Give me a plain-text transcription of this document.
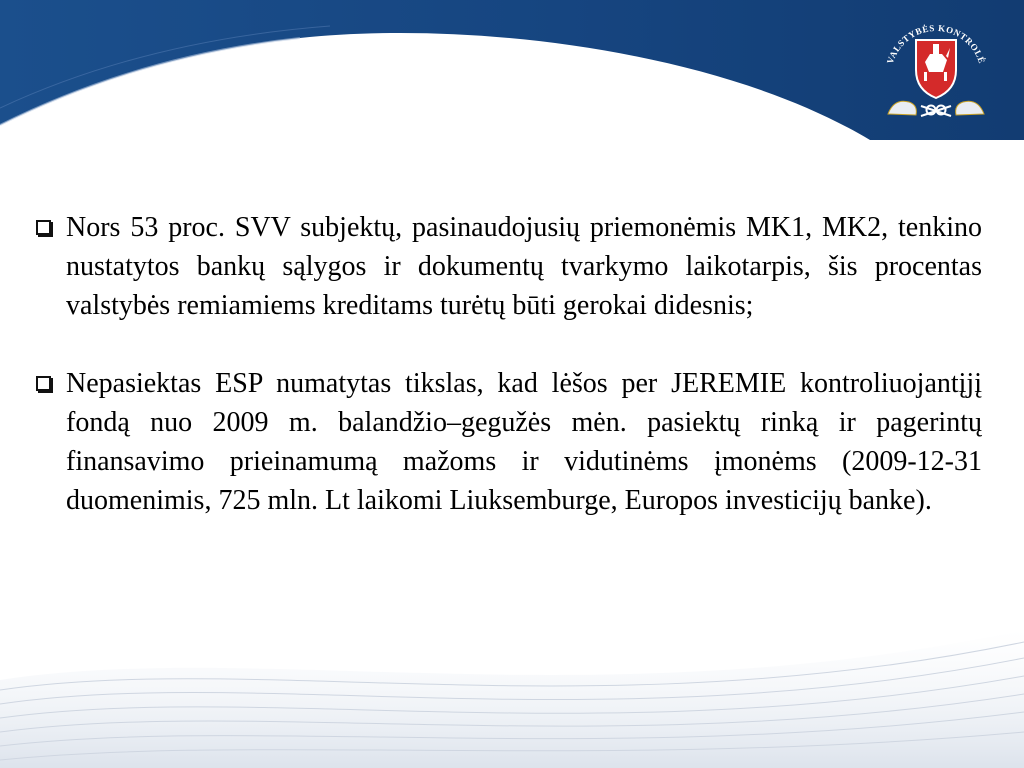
VALSTYBĖS KONTROLĖ
Nors 53 proc. SVV subjektų, pasinaudojusių priemonėmis MK1, MK2, tenkino nustatytos bankų sąlygos ir dokumentų tvarkymo laikotarpis, šis procentas valstybės remiamiems kreditams turėtų būti gerokai didesnis;
Nepasiektas ESP numatytas tikslas, kad lėšos per JEREMIE kontroliuojantįjį fondą nuo 2009 m. balandžio–gegužės mėn. pasiektų rinką ir pagerintų finansavimo prieinamumą mažoms ir vidutinėms įmonėms (2009-12-31 duomenimis, 725 mln. Lt laikomi Liuksemburge, Europos investicijų banke).
